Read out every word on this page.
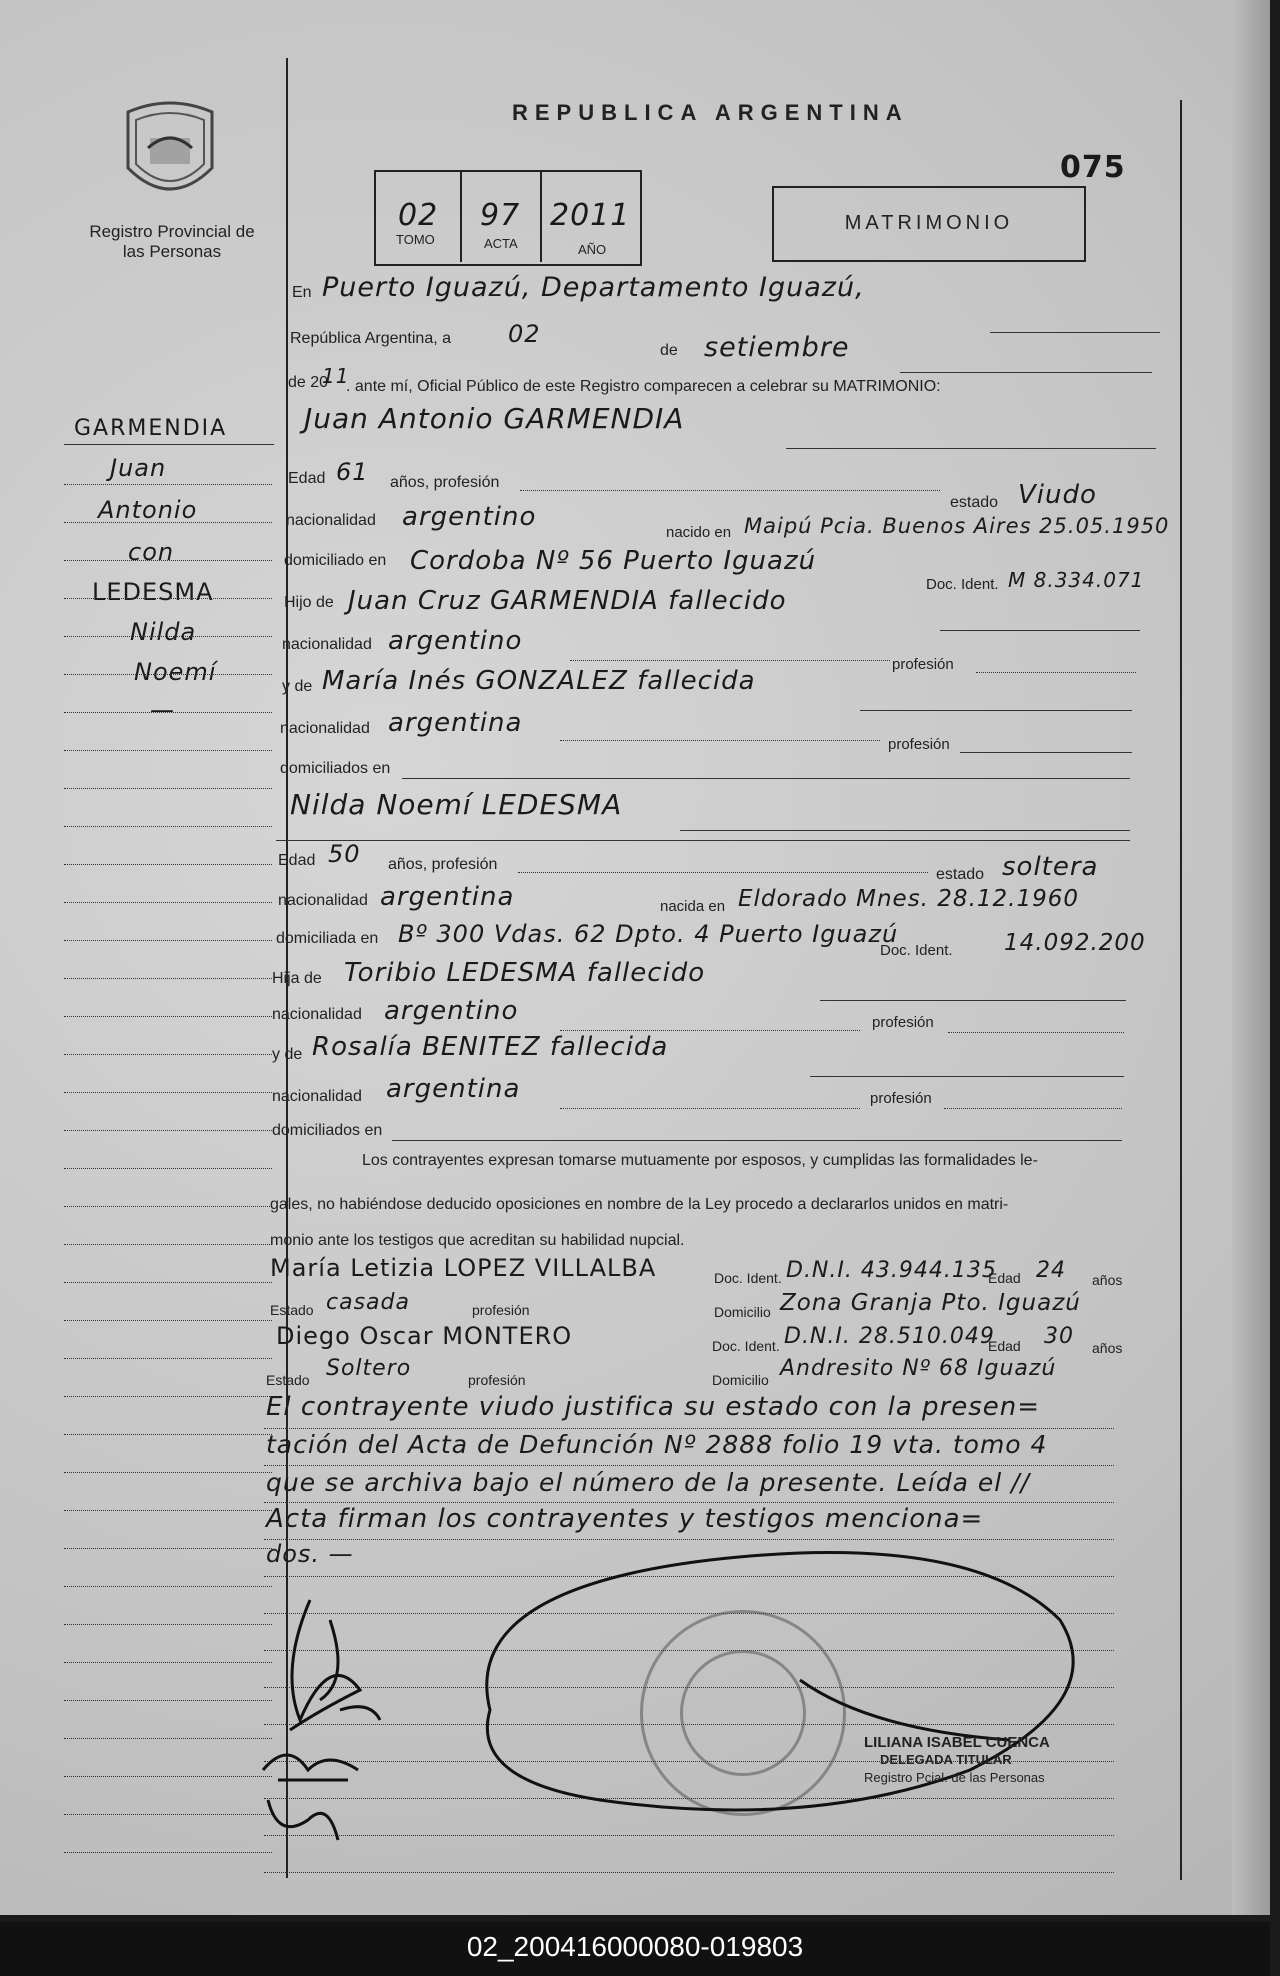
Registro Provincial de las Personas
REPUBLICA ARGENTINA
075
02 97 2011
TOMO	ACTA	AÑO
MATRIMONIO
GARMENDIA
Juan
Antonio
con
LEDESMA
Nilda
Noemí
—
En Puerto Iguazú, Departamento Iguazú,
República Argentina, a 02
de setiembre
de 20
11
. ante mí, Oficial Público de este Registro comparecen a celebrar su MATRIMONIO:
Juan Antonio GARMENDIA
Edad 61 años, profesión
estado Viudo
nacionalidad argentino
nacido en Maipú Pcia. Buenos Aires 25.05.1950
domiciliado en Cordoba Nº 56 Puerto Iguazú
Doc. Ident. M 8.334.071
Hijo de Juan Cruz GARMENDIA fallecido
nacionalidad argentino
profesión
y de María Inés GONZALEZ fallecida
nacionalidad argentina
profesión
domiciliados en
Nilda Noemí LEDESMA
Edad 50 años, profesión
estado soltera
nacionalidad argentina	nacida en Eldorado Mnes. 28.12.1960
domiciliada en Bº 300 Vdas. 62 Dpto. 4 Puerto Iguazú
Doc. Ident. 14.092.200
Hija de Toribio LEDESMA fallecido
nacionalidad argentino	profesión
y de Rosalía BENITEZ fallecida
nacionalidad argentina	profesión
domiciliados en
Los contrayentes expresan tomarse mutuamente por esposos, y cumplidas las formalidades le-
gales, no habiéndose deducido oposiciones en nombre de la Ley procedo a declararlos unidos en matri-
monio ante los testigos que acreditan su habilidad nupcial.
María Letizia LOPEZ VILLALBA	Doc. Ident. D.N.I. 43.944.135
Edad 24 años
Estado casada	profesión	Domicilio Zona Granja Pto. Iguazú
Diego Oscar MONTERO	Doc. Ident. D.N.I. 28.510.049
Edad 30 años
Estado Soltero	profesión	Domicilio Andresito Nº 68 Iguazú
El contrayente viudo justifica su estado con la presen=
tación del Acta de Defunción Nº 2888 folio 19 vta. tomo 4
que se archiva bajo el número de la presente. Leída el //
Acta firman los contrayentes y testigos menciona=
dos. —
LILIANA ISABEL CUENCA
DELEGADA TITULAR
Registro Pcial. de las Personas
02_200416000080-019803
